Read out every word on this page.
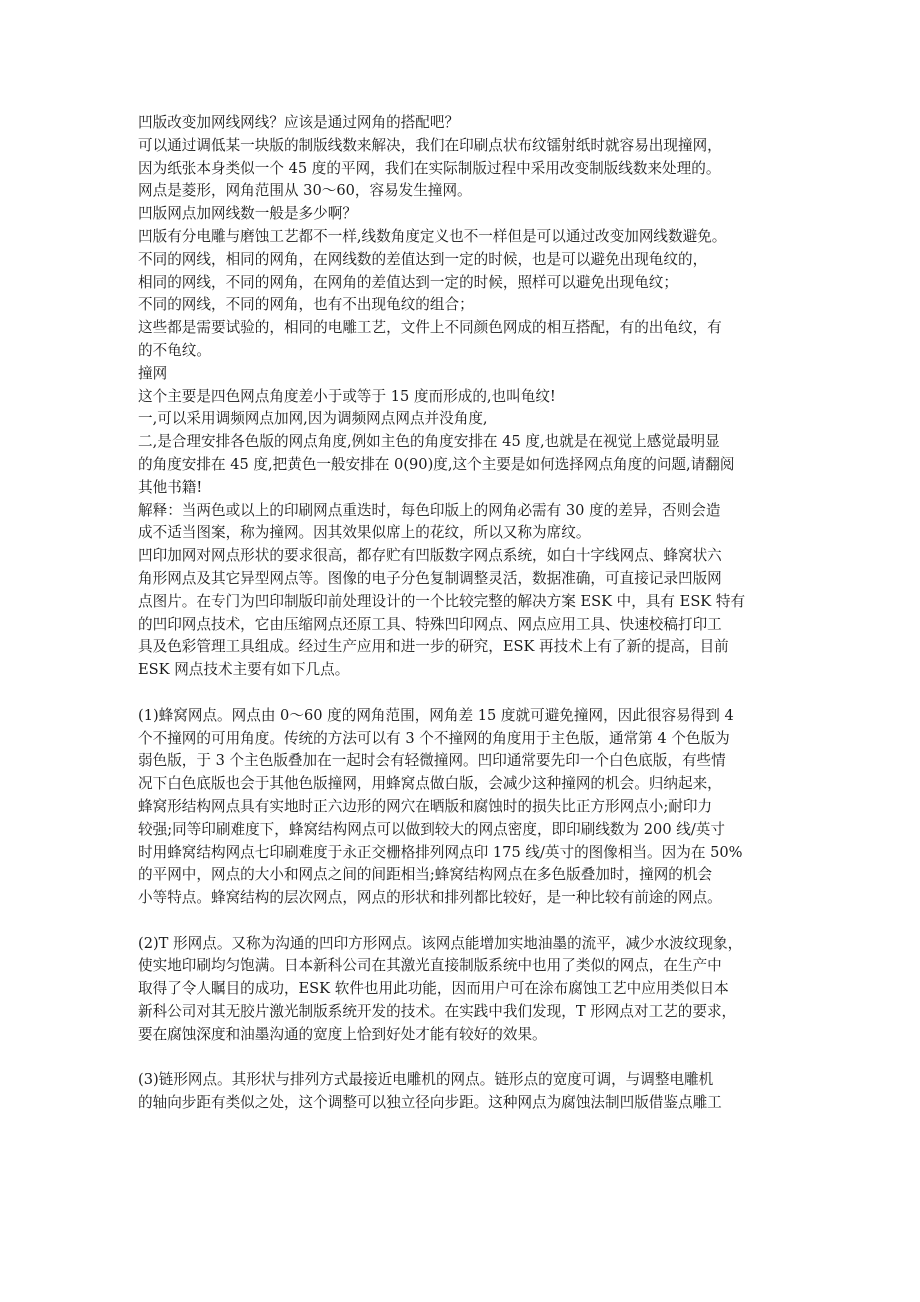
凹版改变加网线网线？应该是通过网角的搭配吧？
可以通过调低某一块版的制版线数来解决，我们在印刷点状布纹镭射纸时就容易出现撞网，
因为纸张本身类似一个 45 度的平网，我们在实际制版过程中采用改变制版线数来处理的。
网点是菱形，网角范围从 30～60，容易发生撞网。
凹版网点加网线数一般是多少啊？
凹版有分电雕与磨蚀工艺都不一样,线数角度定义也不一样但是可以通过改变加网线数避免。
不同的网线，相同的网角，在网线数的差值达到一定的时候，也是可以避免出现龟纹的，
相同的网线，不同的网角，在网角的差值达到一定的时候，照样可以避免出现龟纹；
不同的网线，不同的网角，也有不出现龟纹的组合；
这些都是需要试验的，相同的电雕工艺，文件上不同颜色网成的相互搭配，有的出龟纹，有
的不龟纹。
撞网
这个主要是四色网点角度差小于或等于 15 度而形成的,也叫龟纹!
一,可以采用调频网点加网,因为调频网点网点并没角度,
二,是合理安排各色版的网点角度,例如主色的角度安排在 45 度,也就是在视觉上感觉最明显
的角度安排在 45 度,把黄色一般安排在 0(90)度,这个主要是如何选择网点角度的问题,请翻阅
其他书籍!
解释：当两色或以上的印刷网点重迭时，每色印版上的网角必需有 30 度的差异，否则会造
成不适当图案，称为撞网。因其效果似席上的花纹，所以又称为席纹。
凹印加网对网点形状的要求很高，都存贮有凹版数字网点系统，如白十字线网点、蜂窝状六
角形网点及其它异型网点等。图像的电子分色复制调整灵活，数据准确，可直接记录凹版网
点图片。在专门为凹印制版印前处理设计的一个比较完整的解决方案 ESK 中，具有 ESK 特有
的凹印网点技术，它由压缩网点还原工具、特殊凹印网点、网点应用工具、快速校稿打印工
具及色彩管理工具组成。经过生产应用和进一步的研究，ESK 再技术上有了新的提高，目前
ESK 网点技术主要有如下几点。
(1)蜂窝网点。网点由 0～60 度的网角范围，网角差 15 度就可避免撞网，因此很容易得到 4
个不撞网的可用角度。传统的方法可以有 3 个不撞网的角度用于主色版，通常第 4 个色版为
弱色版，于 3 个主色版叠加在一起时会有轻微撞网。凹印通常要先印一个白色底版，有些情
况下白色底版也会于其他色版撞网，用蜂窝点做白版，会减少这种撞网的机会。归纳起来，
蜂窝形结构网点具有实地时正六边形的网穴在晒版和腐蚀时的损失比正方形网点小;耐印力
较强;同等印刷难度下，蜂窝结构网点可以做到较大的网点密度，即印刷线数为 200 线/英寸
时用蜂窝结构网点七印刷难度于永正交栅格排列网点印 175 线/英寸的图像相当。因为在 50%
的平网中，网点的大小和网点之间的间距相当;蜂窝结构网点在多色版叠加时，撞网的机会
小等特点。蜂窝结构的层次网点，网点的形状和排列都比较好，是一种比较有前途的网点。
(2)T 形网点。又称为沟通的凹印方形网点。该网点能增加实地油墨的流平，减少水波纹现象，
使实地印刷均匀饱满。日本新科公司在其激光直接制版系统中也用了类似的网点，在生产中
取得了令人瞩目的成功，ESK 软件也用此功能，因而用户可在涂布腐蚀工艺中应用类似日本
新科公司对其无胶片激光制版系统开发的技术。在实践中我们发现，T 形网点对工艺的要求，
要在腐蚀深度和油墨沟通的宽度上恰到好处才能有较好的效果。
(3)链形网点。其形状与排列方式最接近电雕机的网点。链形点的宽度可调，与调整电雕机
的轴向步距有类似之处，这个调整可以独立径向步距。这种网点为腐蚀法制凹版借鉴点雕工
